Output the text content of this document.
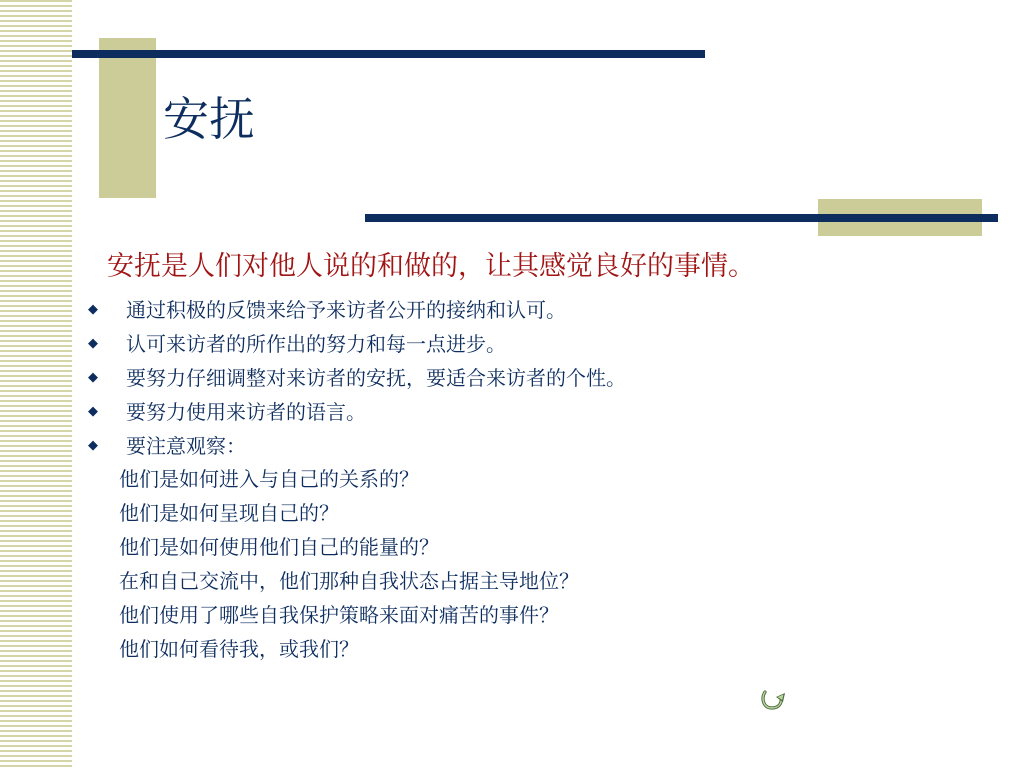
安抚
安抚是人们对他人说的和做的，让其感觉良好的事情。
◆ 通过积极的反馈来给予来访者公开的接纳和认可。
◆ 认可来访者的所作出的努力和每一点进步。
◆ 要努力仔细调整对来访者的安抚，要适合来访者的个性。
◆ 要努力使用来访者的语言。
◆ 要注意观察：
他们是如何进入与自己的关系的？
他们是如何呈现自己的？
他们是如何使用他们自己的能量的？
在和自己交流中，他们那种自我状态占据主导地位？
他们使用了哪些自我保护策略来面对痛苦的事件？
他们如何看待我，或我们？
